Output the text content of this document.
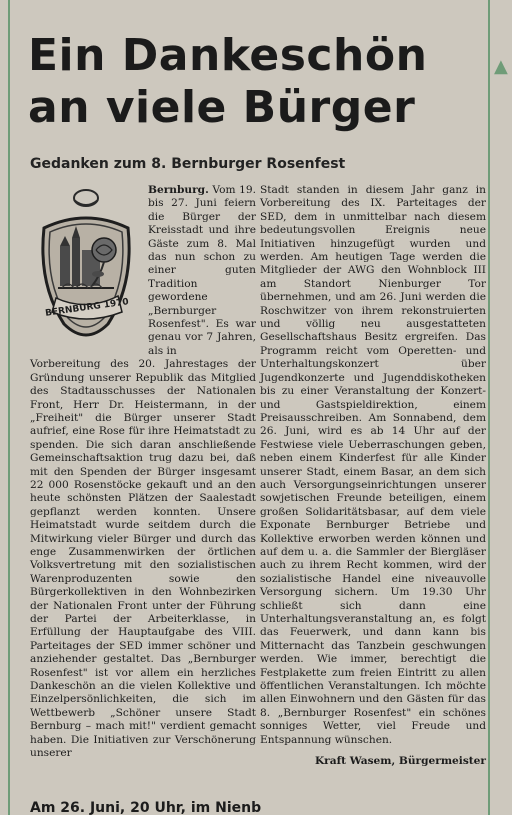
▲
Ein Dankeschön
an viele Bürger
Gedanken zum 8. Bernburger Rosenfest
BERNBURG 1970

Bernburg. Vom 19. bis 27. Juni feiern die Bürger der Kreisstadt und ihre Gäste zum 8. Mal das nun schon zu einer guten Tradition gewordene „Bernburger Rosenfest". Es war genau vor 7 Jahren, als in

Vorbereitung des 20. Jahrestages der Gründung unserer Republik das Mitglied des Stadtausschusses der Nationalen Front, Herr Dr. Heistermann, in der „Freiheit" die Bürger unserer Stadt aufrief, eine Rose für ihre Heimatstadt zu spenden. Die sich daran anschließende Gemeinschaftsaktion trug dazu bei, daß mit den Spenden der Bürger insgesamt 22 000 Rosenstöcke gekauft und an den heute schönsten Plätzen der Saalestadt gepflanzt werden konnten. Unsere Heimatstadt wurde seitdem durch die Mitwirkung vieler Bürger und durch das enge Zusammenwirken der örtlichen Volksvertretung mit den sozialistischen Warenproduzenten sowie den Bürgerkollektiven in den Wohnbezirken der Nationalen Front unter der Führung der Partei der Arbeiterklasse, in Erfüllung der Hauptaufgabe des VIII. Parteitages der SED immer schöner und anziehender gestaltet. Das „Bernburger Rosenfest" ist vor allem ein herzliches Dankeschön an die vielen Kollektive und Einzelpersönlichkeiten, die sich im Wettbewerb „Schöner unsere Stadt Bernburg – mach mit!" verdient gemacht haben. Die Initiativen zur Verschönerung unserer

Stadt standen in diesem Jahr ganz in Vorbereitung des IX. Parteitages der SED, dem in unmittelbar nach diesem bedeutungsvollen Ereignis neue Initiativen hinzugefügt wurden und werden. Am heutigen Tage werden die Mitglieder der AWG den Wohnblock III am Standort Nienburger Tor übernehmen, und am 26. Juni werden die Roschwitzer von ihrem rekonstruierten und völlig neu ausgestatteten Gesellschaftshaus Besitz ergreifen. Das Programm reicht vom Operetten- und Unterhaltungskonzert über Jugendkonzerte und Jugenddiskotheken bis zu einer Veranstaltung der Konzert- und Gastspieldirektion, einem Preisausschreiben. Am Sonnabend, dem 26. Juni, wird es ab 14 Uhr auf der Festwiese viele Ueberraschungen geben, neben einem Kinderfest für alle Kinder unserer Stadt, einem Basar, an dem sich auch Versorgungseinrichtungen unserer sowjetischen Freunde beteiligen, einem großen Solidaritätsbasar, auf dem viele Exponate Bernburger Betriebe und Kollektive erworben werden können und auf dem u. a. die Sammler der Biergläser auch zu ihrem Recht kommen, wird der sozialistische Handel eine niveauvolle Versorgung sichern. Um 19.30 Uhr schließt sich dann eine Unterhaltungsveranstaltung an, es folgt das Feuerwerk, und dann kann bis Mitternacht das Tanzbein geschwungen werden. Wie immer, berechtigt die Festplakette zum freien Eintritt zu allen öffentlichen Veranstaltungen. Ich möchte allen Einwohnern und den Gästen für das 8. „Bernburger Rosenfest" ein schönes sonniges Wetter, viel Freude und Entspannung wünschen.

Kraft Wasem, Bürgermeister
Am 26. Juni, 20 Uhr, im Nienb
